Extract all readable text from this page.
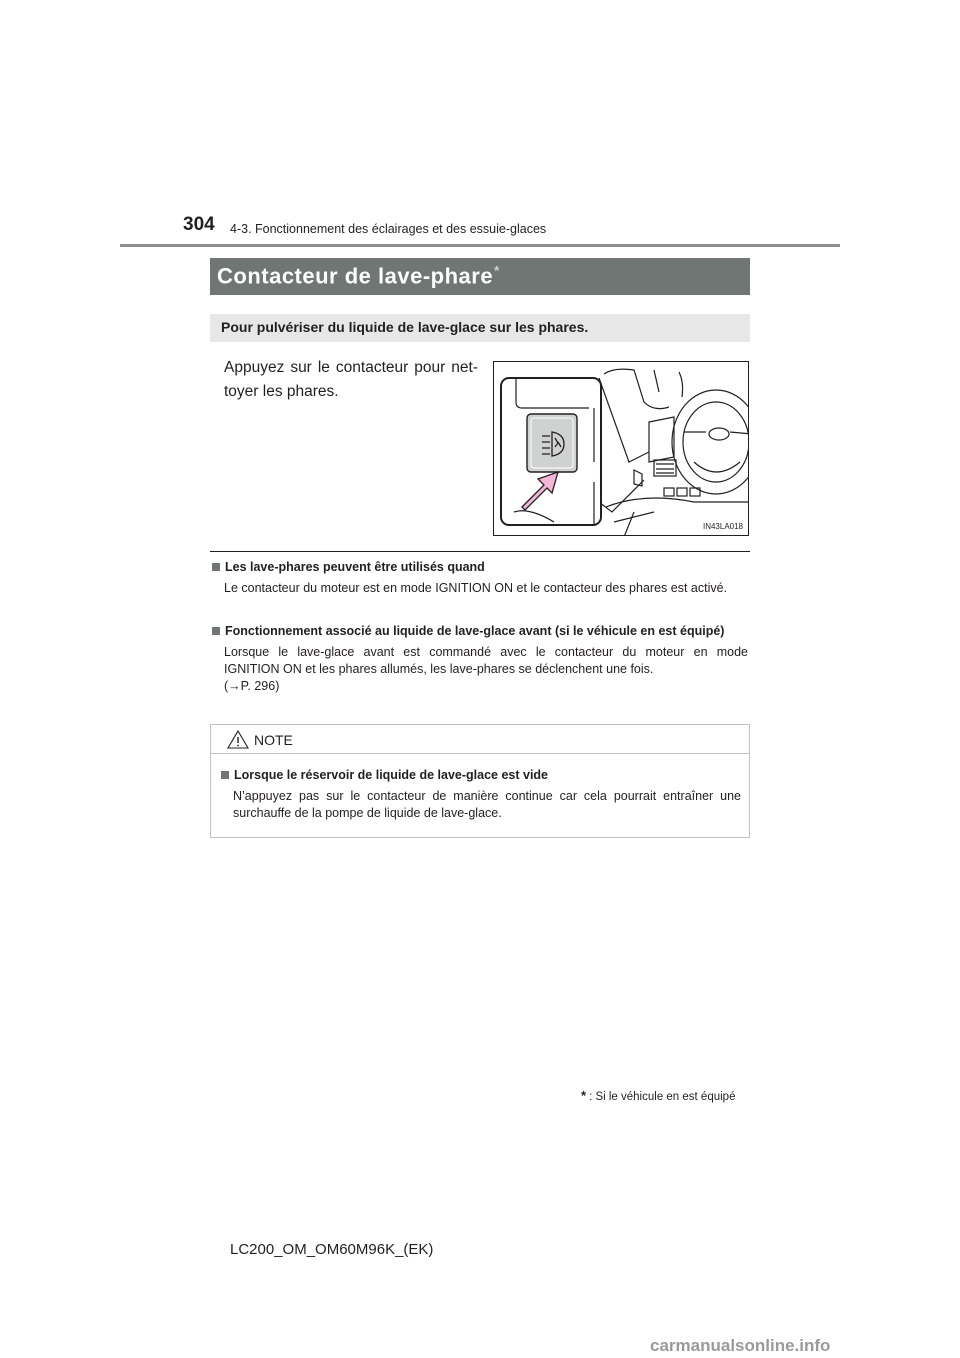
304 4-3. Fonctionnement des éclairages et des essuie-glaces
Contacteur de lave-phare*
Pour pulvériser du liquide de lave-glace sur les phares.
Appuyez sur le contacteur pour net-
toyer les phares.
IN43LA018
Les lave-phares peuvent être utilisés quand
Le contacteur du moteur est en mode IGNITION ON et le contacteur des phares est activé.
Fonctionnement associé au liquide de lave-glace avant (si le véhicule en est équipé)
Lorsque le lave-glace avant est commandé avec le contacteur du moteur en mode
IGNITION ON et les phares allumés, les lave-phares se déclenchent une fois.
(→P. 296)
NOTE
Lorsque le réservoir de liquide de lave-glace est vide
N’appuyez pas sur le contacteur de manière continue car cela pourrait entraîner une surchauffe de la pompe de liquide de lave-glace.
* : Si le véhicule en est équipé
LC200_OM_OM60M96K_(EK)
carmanualsonline.info
